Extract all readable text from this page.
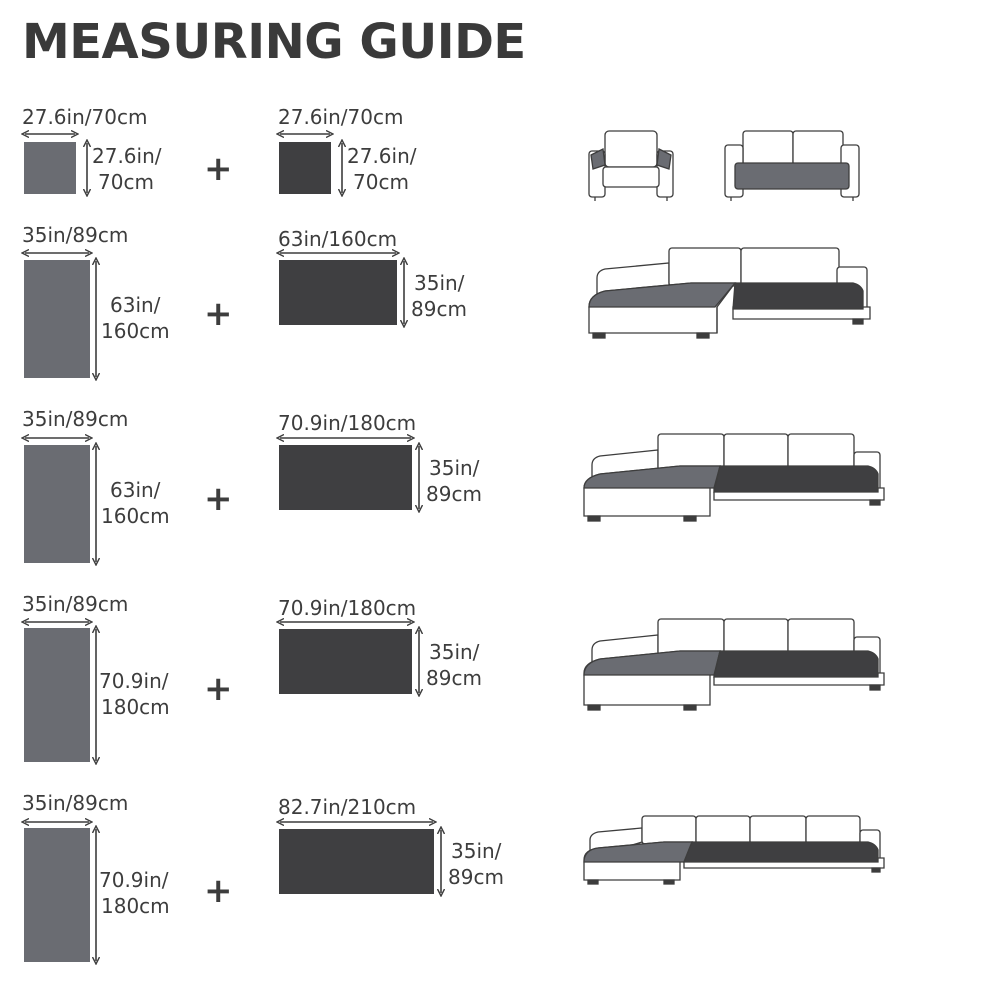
MEASURING GUIDE
27.6in/70cm
27.6in/
70cm +
27.6in/70cm
27.6in/
70cm
35in/89cm
63in/
160cm +
63in/160cm
35in/
89cm
35in/89cm
63in/
160cm +
70.9in/180cm
35in/
89cm
35in/89cm
70.9in/
180cm +
70.9in/180cm
35in/
89cm
35in/89cm
70.9in/
180cm +
82.7in/210cm
35in/
89cm
